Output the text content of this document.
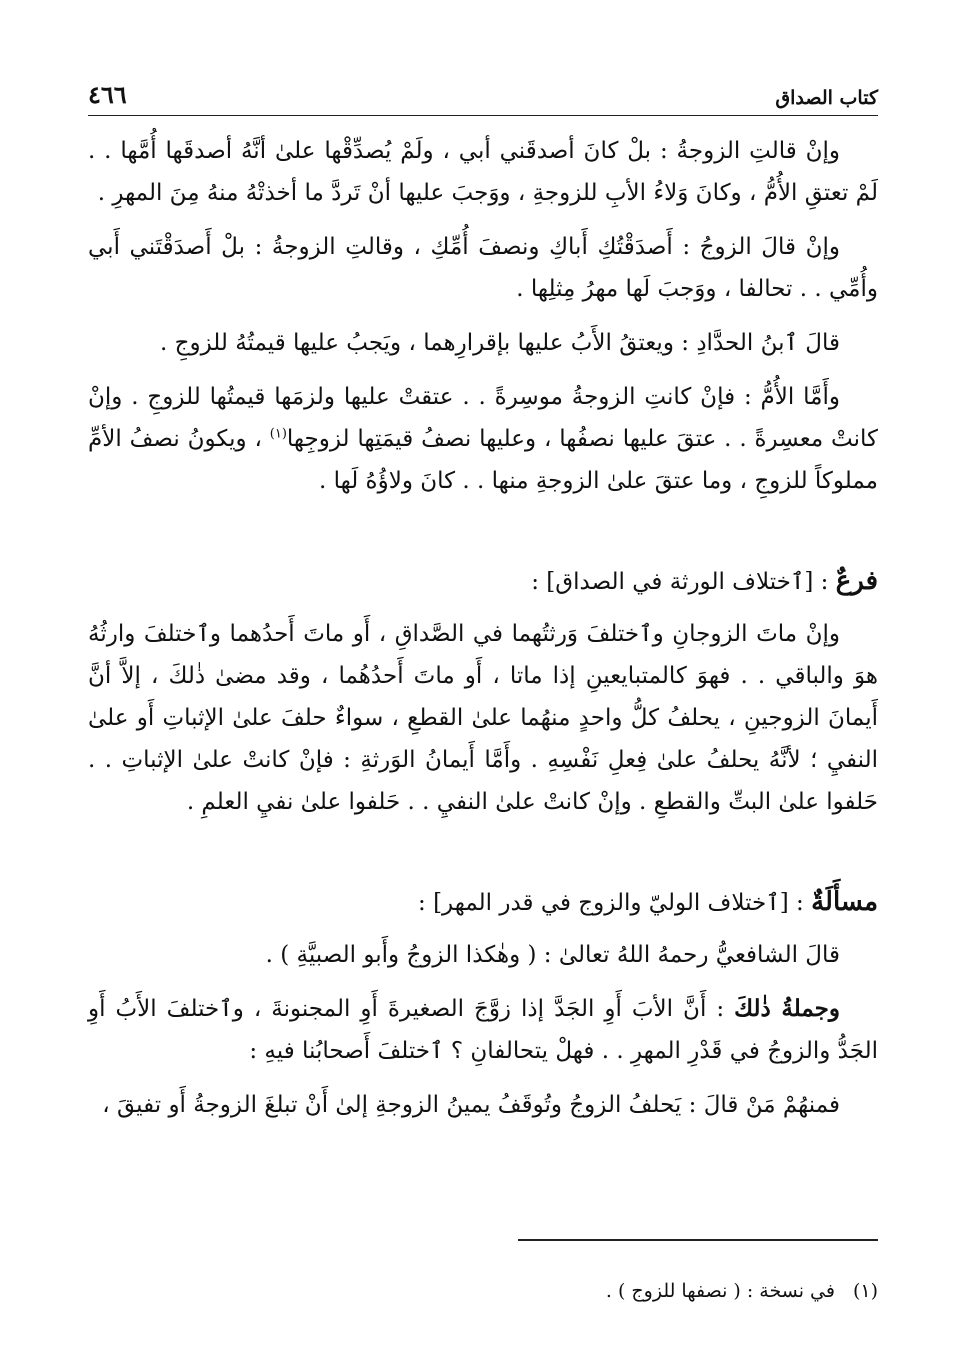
كتاب الصداق
٤٦٦

وإنْ قالتِ الزوجةُ : بلْ كانَ أصدقَني أبي ، ولَمْ يُصدِّقْها علىٰ أنَّهُ أصدقَها أُمَّها . . لَمْ تعتقِ الأُمُّ ، وكانَ وَلاءُ الأبِ للزوجةِ ، ووَجبَ عليها أنْ تَردَّ ما أخذتْهُ منهُ مِنَ المهرِ .

وإنْ قالَ الزوجُ : أَصدَقْتُكِ أَباكِ ونصفَ أُمِّكِ ، وقالتِ الزوجةُ : بلْ أَصدَقْتَني أَبي وأُمِّي . . تحالفا ، ووَجبَ لَها مهرُ مِثلِها .

قالَ ٱبنُ الحدَّادِ : ويعتقُ الأَبُ عليها بإقرارِهما ، ويَجبُ عليها قيمتُهُ للزوجِ .

وأَمَّا الأُمُّ : فإنْ كانتِ الزوجةُ موسِرةً . . عتقتْ عليها ولزمَها قيمتُها للزوجِ . وإنْ كانتْ معسِرةً . . عتقَ عليها نصفُها ، وعليها نصفُ قيمَتِها لزوجِها$^{(١)}$ ، ويكونُ نصفُ الأمِّ مملوكاً للزوجِ ، وما عتقَ علىٰ الزوجةِ منها . . كانَ ولاؤُهُ لَها .

فرعٌ : [ٱختلاف الورثة في الصداق] :

وإنْ ماتَ الزوجانِ وٱختلفَ وَرثتُهما في الصَّداقِ ، أَو ماتَ أَحدُهما وٱختلفَ وارثُهُ هوَ والباقي . . فهوَ كالمتبايعينِ إذا ماتا ، أَو ماتَ أَحدُهُما ، وقد مضىٰ ذٰلكَ ، إلاَّ أنَّ أَيمانَ الزوجينِ ، يحلفُ كلُّ واحدٍ منهُما علىٰ القطعِ ، سواءٌ حلفَ علىٰ الإثباتِ أَو علىٰ النفيِ ؛ لأنَّهُ يحلفُ علىٰ فِعلِ نَفْسِهِ . وأَمَّا أَيمانُ الوَرثةِ : فإنْ كانتْ علىٰ الإثباتِ . . حَلفوا علىٰ البتِّ والقطعِ . وإنْ كانتْ علىٰ النفيِ . . حَلفوا علىٰ نفيِ العلمِ .

مسأَلَةٌ : [ٱختلاف الوليّ والزوج في قدر المهر] :

قالَ الشافعيُّ رحمهُ اللهُ تعالىٰ : ( وهٰكذا الزوجُ وأَبو الصبيَّةِ ) .

وجملةُ ذٰلكَ : أَنَّ الأبَ أَوِ الجَدَّ إذا زوَّجَ الصغيرةَ أَوِ المجنونةَ ، وٱختلفَ الأَبُ أَوِ الجَدُّ والزوجُ في قَدْرِ المهرِ . . فهلْ يتحالفانِ ؟ ٱختلفَ أَصحابُنا فيهِ :

فمنهُمْ مَنْ قالَ : يَحلفُ الزوجُ وتُوقَفُ يمينُ الزوجةِ إلىٰ أَنْ تبلغَ الزوجةُ أَو تفيقَ ،

(١)
في نسخة : ( نصفها للزوج ) .
